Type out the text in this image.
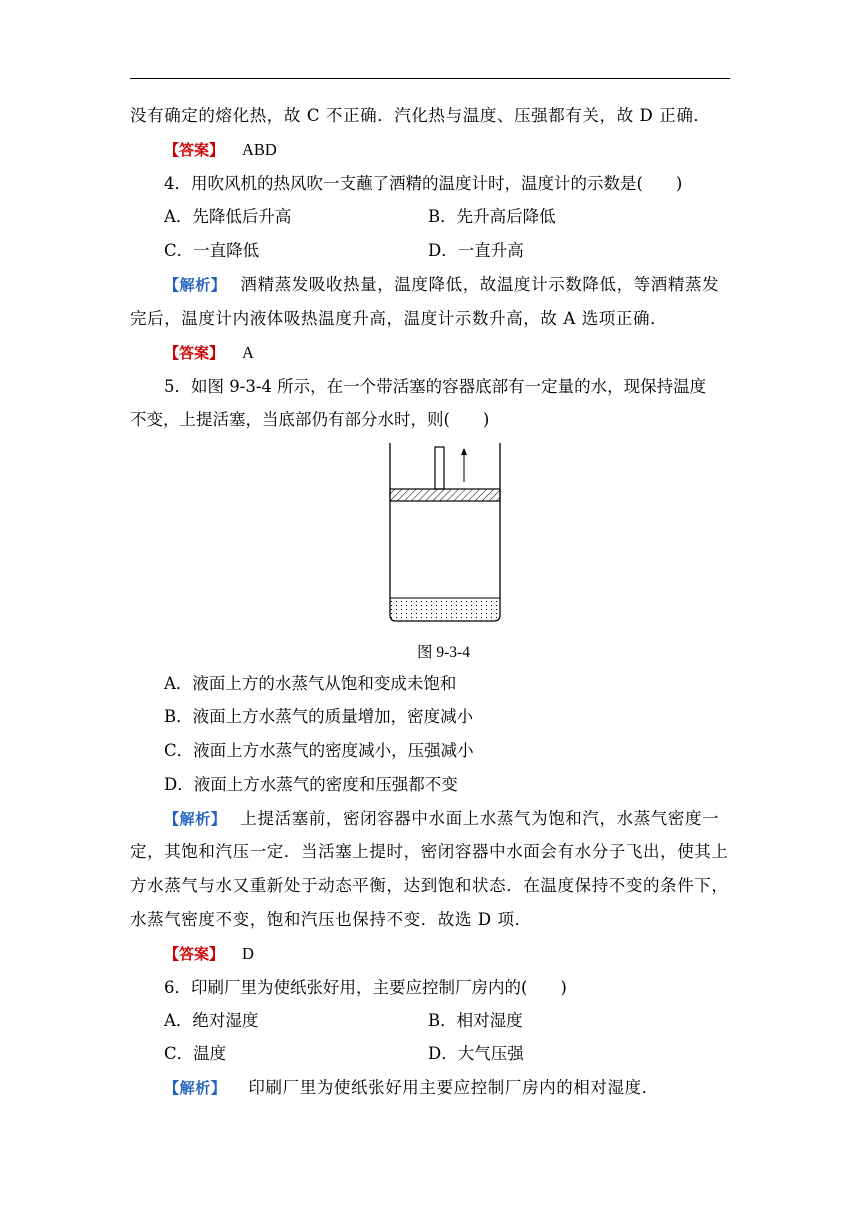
没有确定的熔化热，故 C 不正确．汽化热与温度、压强都有关，故 D 正确．
【答案】 ABD
4．用吹风机的热风吹一支蘸了酒精的温度计时，温度计的示数是(　　)
A．先降低后升高	B．先升高后降低
C．一直降低	D．一直升高
【解析】 酒精蒸发吸收热量，温度降低，故温度计示数降低，等酒精蒸发
完后，温度计内液体吸热温度升高，温度计示数升高，故 A 选项正确．
【答案】 A
5．如图 9-3-4 所示，在一个带活塞的容器底部有一定量的水，现保持温度
不变，上提活塞，当底部仍有部分水时，则(　　)
图 9-3-4
A．液面上方的水蒸气从饱和变成未饱和
B．液面上方水蒸气的质量增加，密度减小
C．液面上方水蒸气的密度减小，压强减小
D．液面上方水蒸气的密度和压强都不变
【解析】 上提活塞前，密闭容器中水面上水蒸气为饱和汽，水蒸气密度一
定，其饱和汽压一定．当活塞上提时，密闭容器中水面会有水分子飞出，使其上
方水蒸气与水又重新处于动态平衡，达到饱和状态．在温度保持不变的条件下，
水蒸气密度不变，饱和汽压也保持不变．故选 D 项．
【答案】 D
6．印刷厂里为使纸张好用，主要应控制厂房内的(　　)
A．绝对湿度	B．相对湿度
C．温度	D．大气压强
【解析】 印刷厂里为使纸张好用主要应控制厂房内的相对湿度．
